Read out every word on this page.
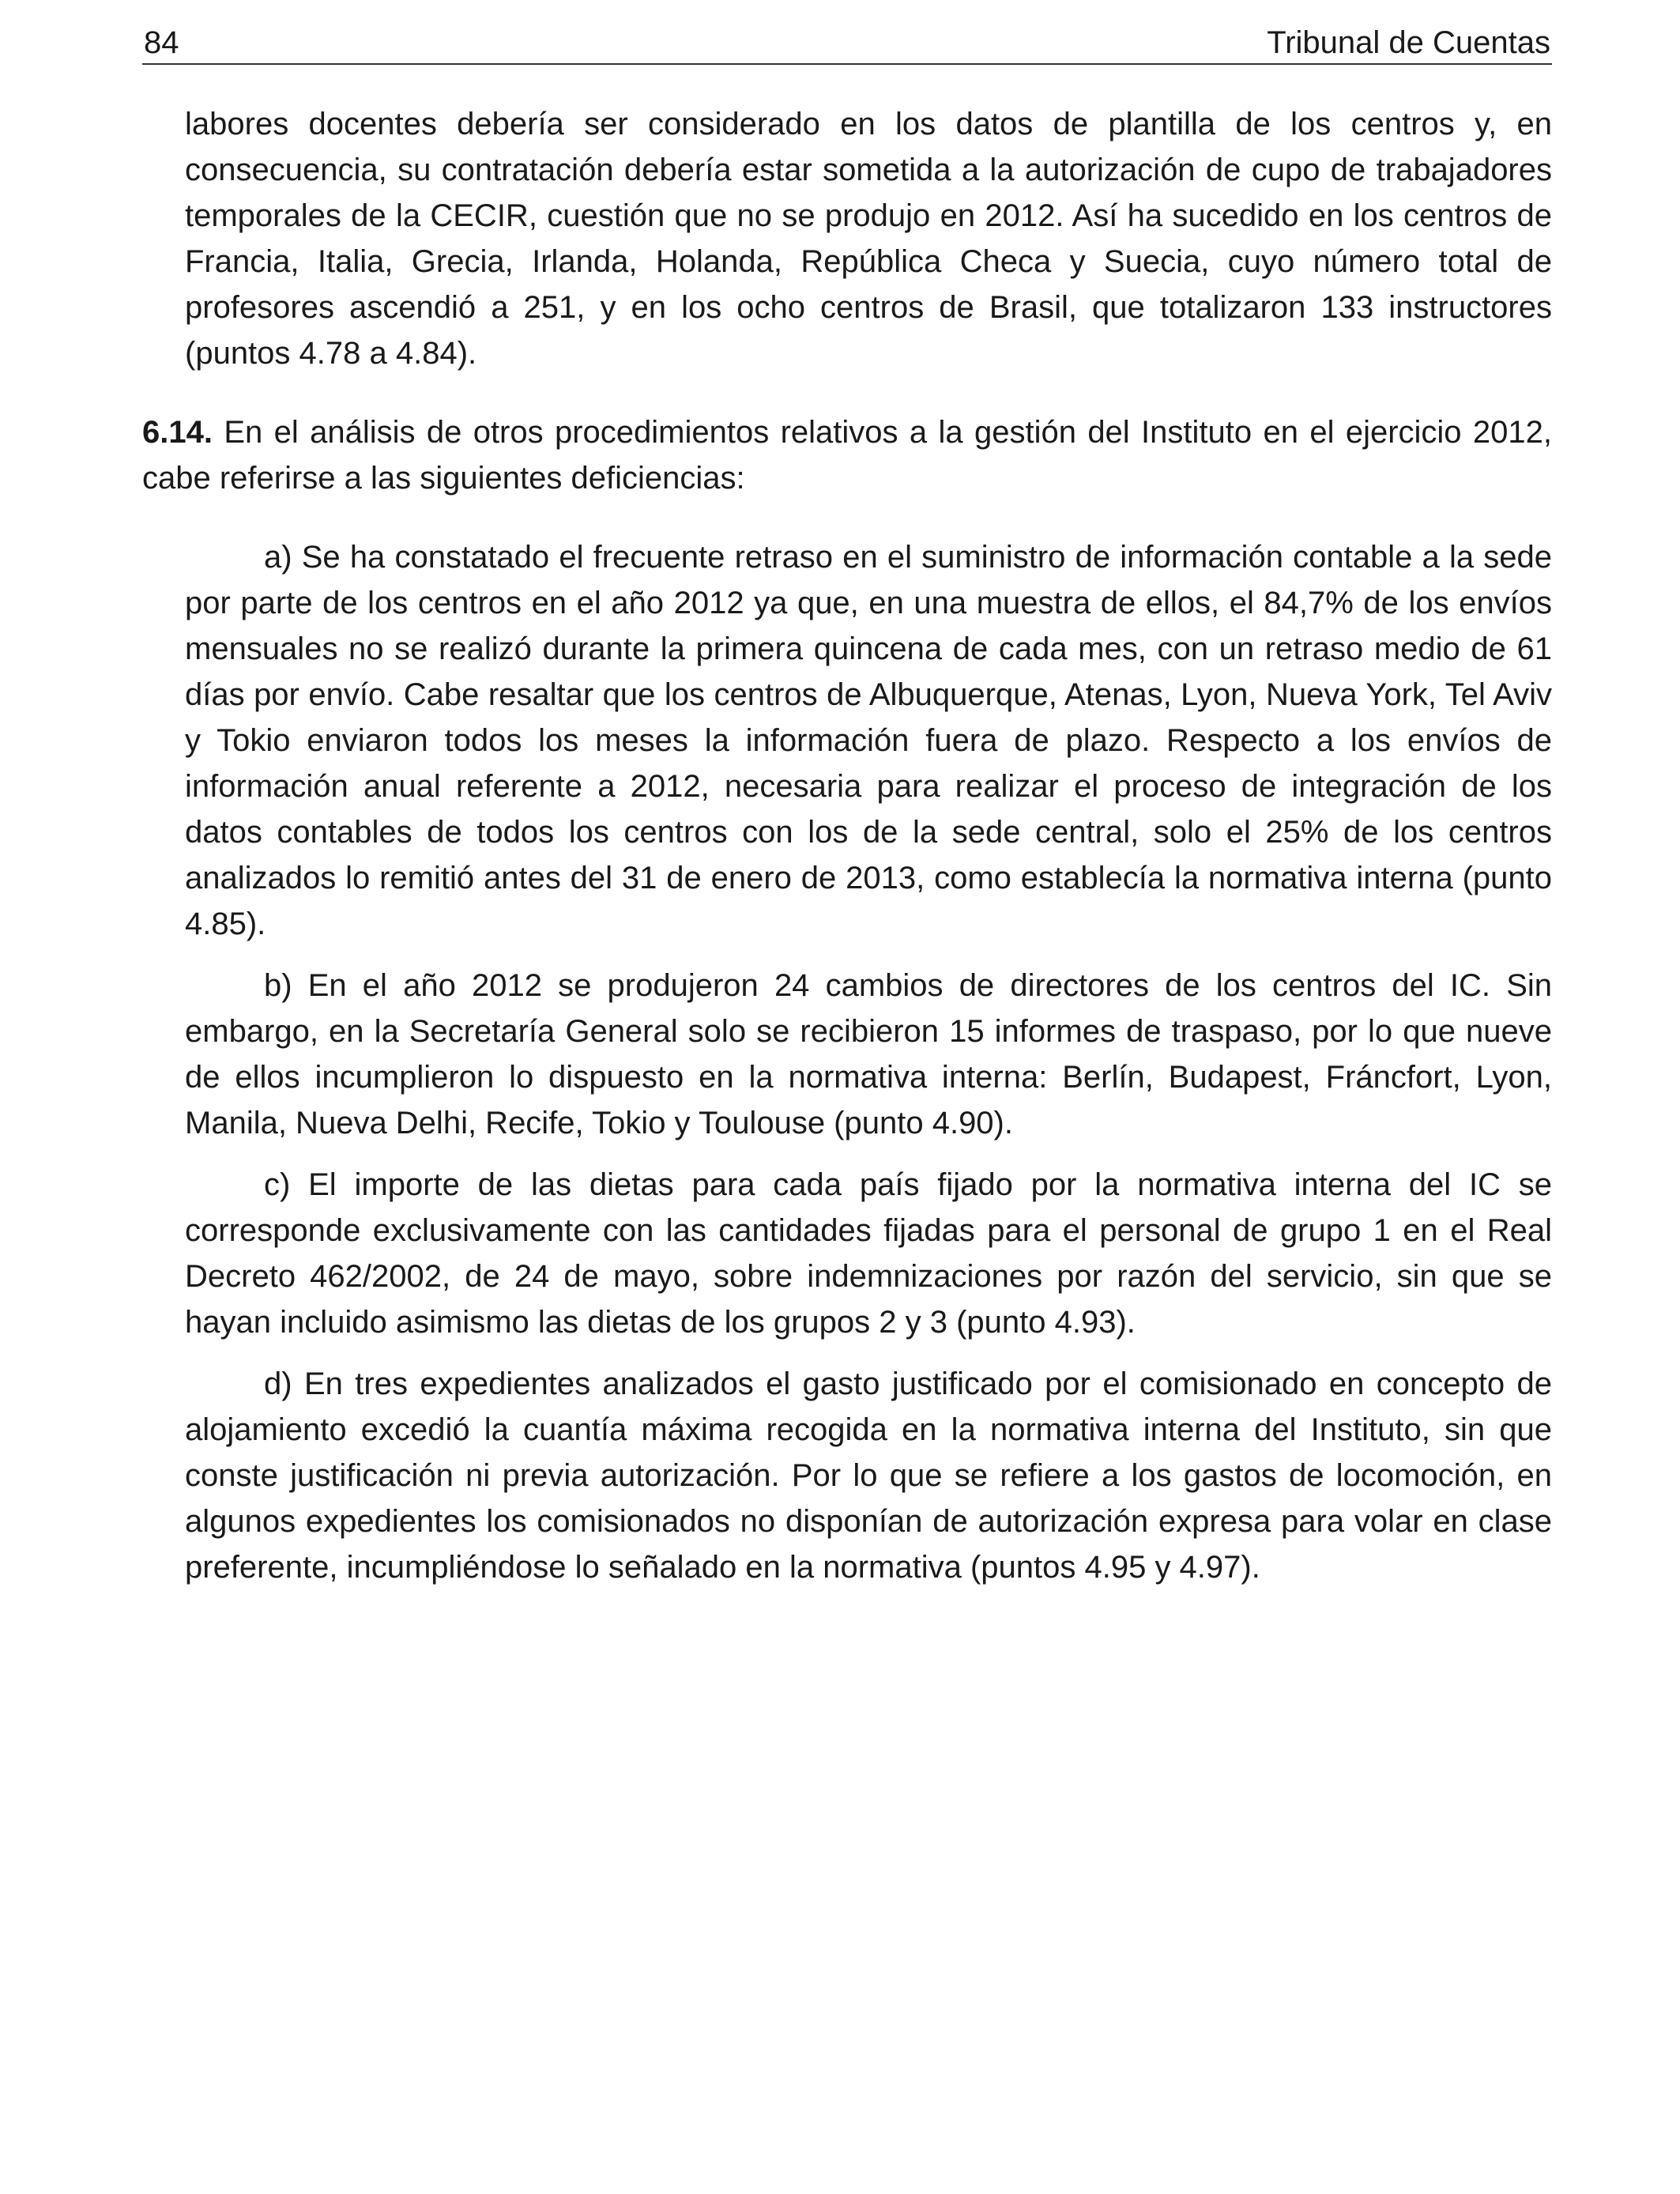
84	Tribunal de Cuentas

labores docentes debería ser considerado en los datos de plantilla de los centros y, en consecuencia, su contratación debería estar sometida a la autorización de cupo de trabajadores temporales de la CECIR, cuestión que no se produjo en 2012. Así ha sucedido en los centros de Francia, Italia, Grecia, Irlanda, Holanda, República Checa y Suecia, cuyo número total de profesores ascendió a 251, y en los ocho centros de Brasil, que totalizaron 133 instructores (puntos 4.78 a 4.84).

6.14. En el análisis de otros procedimientos relativos a la gestión del Instituto en el ejercicio 2012, cabe referirse a las siguientes deficiencias:

a) Se ha constatado el frecuente retraso en el suministro de información contable a la sede por parte de los centros en el año 2012 ya que, en una muestra de ellos, el 84,7% de los envíos mensuales no se realizó durante la primera quincena de cada mes, con un retraso medio de 61 días por envío. Cabe resaltar que los centros de Albuquerque, Atenas, Lyon, Nueva York, Tel Aviv y Tokio enviaron todos los meses la información fuera de plazo. Respecto a los envíos de información anual referente a 2012, necesaria para realizar el proceso de integración de los datos contables de todos los centros con los de la sede central, solo el 25% de los centros analizados lo remitió antes del 31 de enero de 2013, como establecía la normativa interna (punto 4.85).

b) En el año 2012 se produjeron 24 cambios de directores de los centros del IC. Sin embargo, en la Secretaría General solo se recibieron 15 informes de traspaso, por lo que nueve de ellos incumplieron lo dispuesto en la normativa interna: Berlín, Budapest, Fráncfort, Lyon, Manila, Nueva Delhi, Recife, Tokio y Toulouse (punto 4.90).

c) El importe de las dietas para cada país fijado por la normativa interna del IC se corresponde exclusivamente con las cantidades fijadas para el personal de grupo 1 en el Real Decreto 462/2002, de 24 de mayo, sobre indemnizaciones por razón del servicio, sin que se hayan incluido asimismo las dietas de los grupos 2 y 3 (punto 4.93).

d) En tres expedientes analizados el gasto justificado por el comisionado en concepto de alojamiento excedió la cuantía máxima recogida en la normativa interna del Instituto, sin que conste justificación ni previa autorización. Por lo que se refiere a los gastos de locomoción, en algunos expedientes los comisionados no disponían de autorización expresa para volar en clase preferente, incumpliéndose lo señalado en la normativa (puntos 4.95 y 4.97).
